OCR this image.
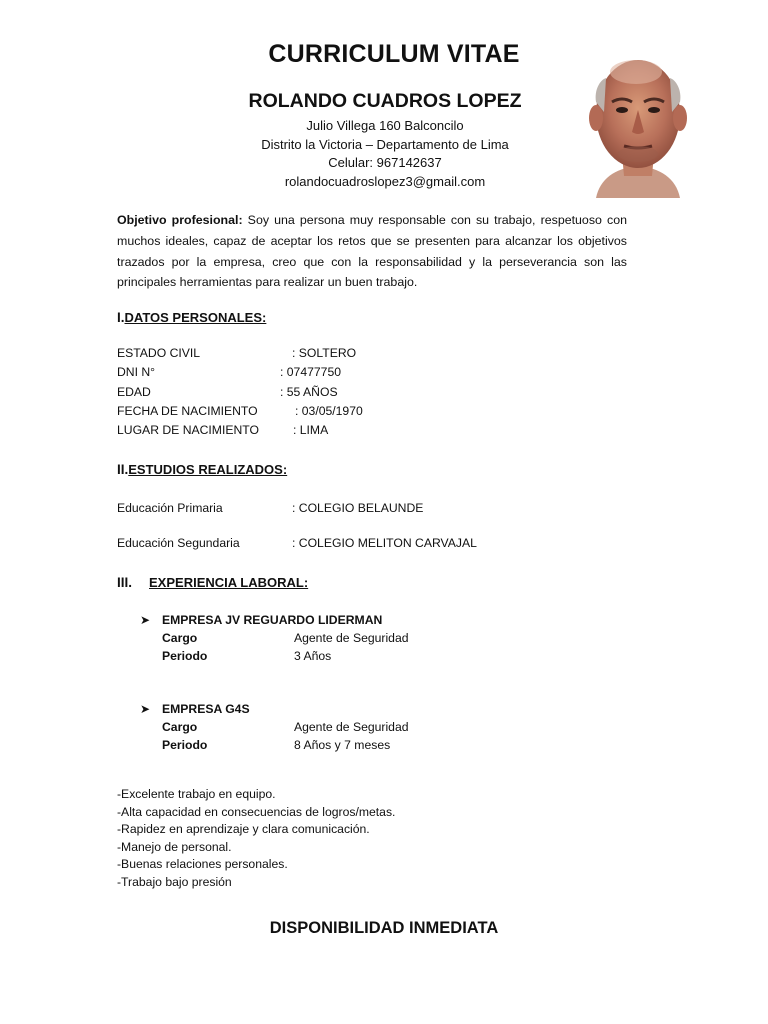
CURRICULUM VITAE
ROLANDO CUADROS LOPEZ
Julio Villega 160 Balconcilo
Distrito la Victoria – Departamento de Lima
Celular: 967142637
rolandocuadroslopez3@gmail.com
Objetivo profesional: Soy una persona muy responsable con su trabajo, respetuoso con muchos ideales, capaz de aceptar los retos que se presenten para alcanzar los objetivos trazados por la empresa, creo que con la responsabilidad y la perseverancia son las principales herramientas para realizar un buen trabajo.
I.DATOS PERSONALES:
ESTADO CIVIL	: SOLTERO
DNI N°	: 07477750
EDAD	: 55 AÑOS
FECHA DE NACIMIENTO	: 03/05/1970
LUGAR DE NACIMIENTO	: LIMA
II.ESTUDIOS REALIZADOS:
Educación Primaria	: COLEGIO BELAUNDE
Educación Segundaria	: COLEGIO MELITON CARVAJAL
III. EXPERIENCIA LABORAL:
➤ EMPRESA JV REGUARDO LIDERMAN
Cargo	Agente de Seguridad
Periodo	3 Años
➤ EMPRESA G4S
Cargo	Agente de Seguridad
Periodo	8 Años y 7 meses
-Excelente trabajo en equipo.
-Alta capacidad en consecuencias de logros/metas.
-Rapidez en aprendizaje y clara comunicación.
-Manejo de personal.
-Buenas relaciones personales.
-Trabajo bajo presión
DISPONIBILIDAD INMEDIATA
